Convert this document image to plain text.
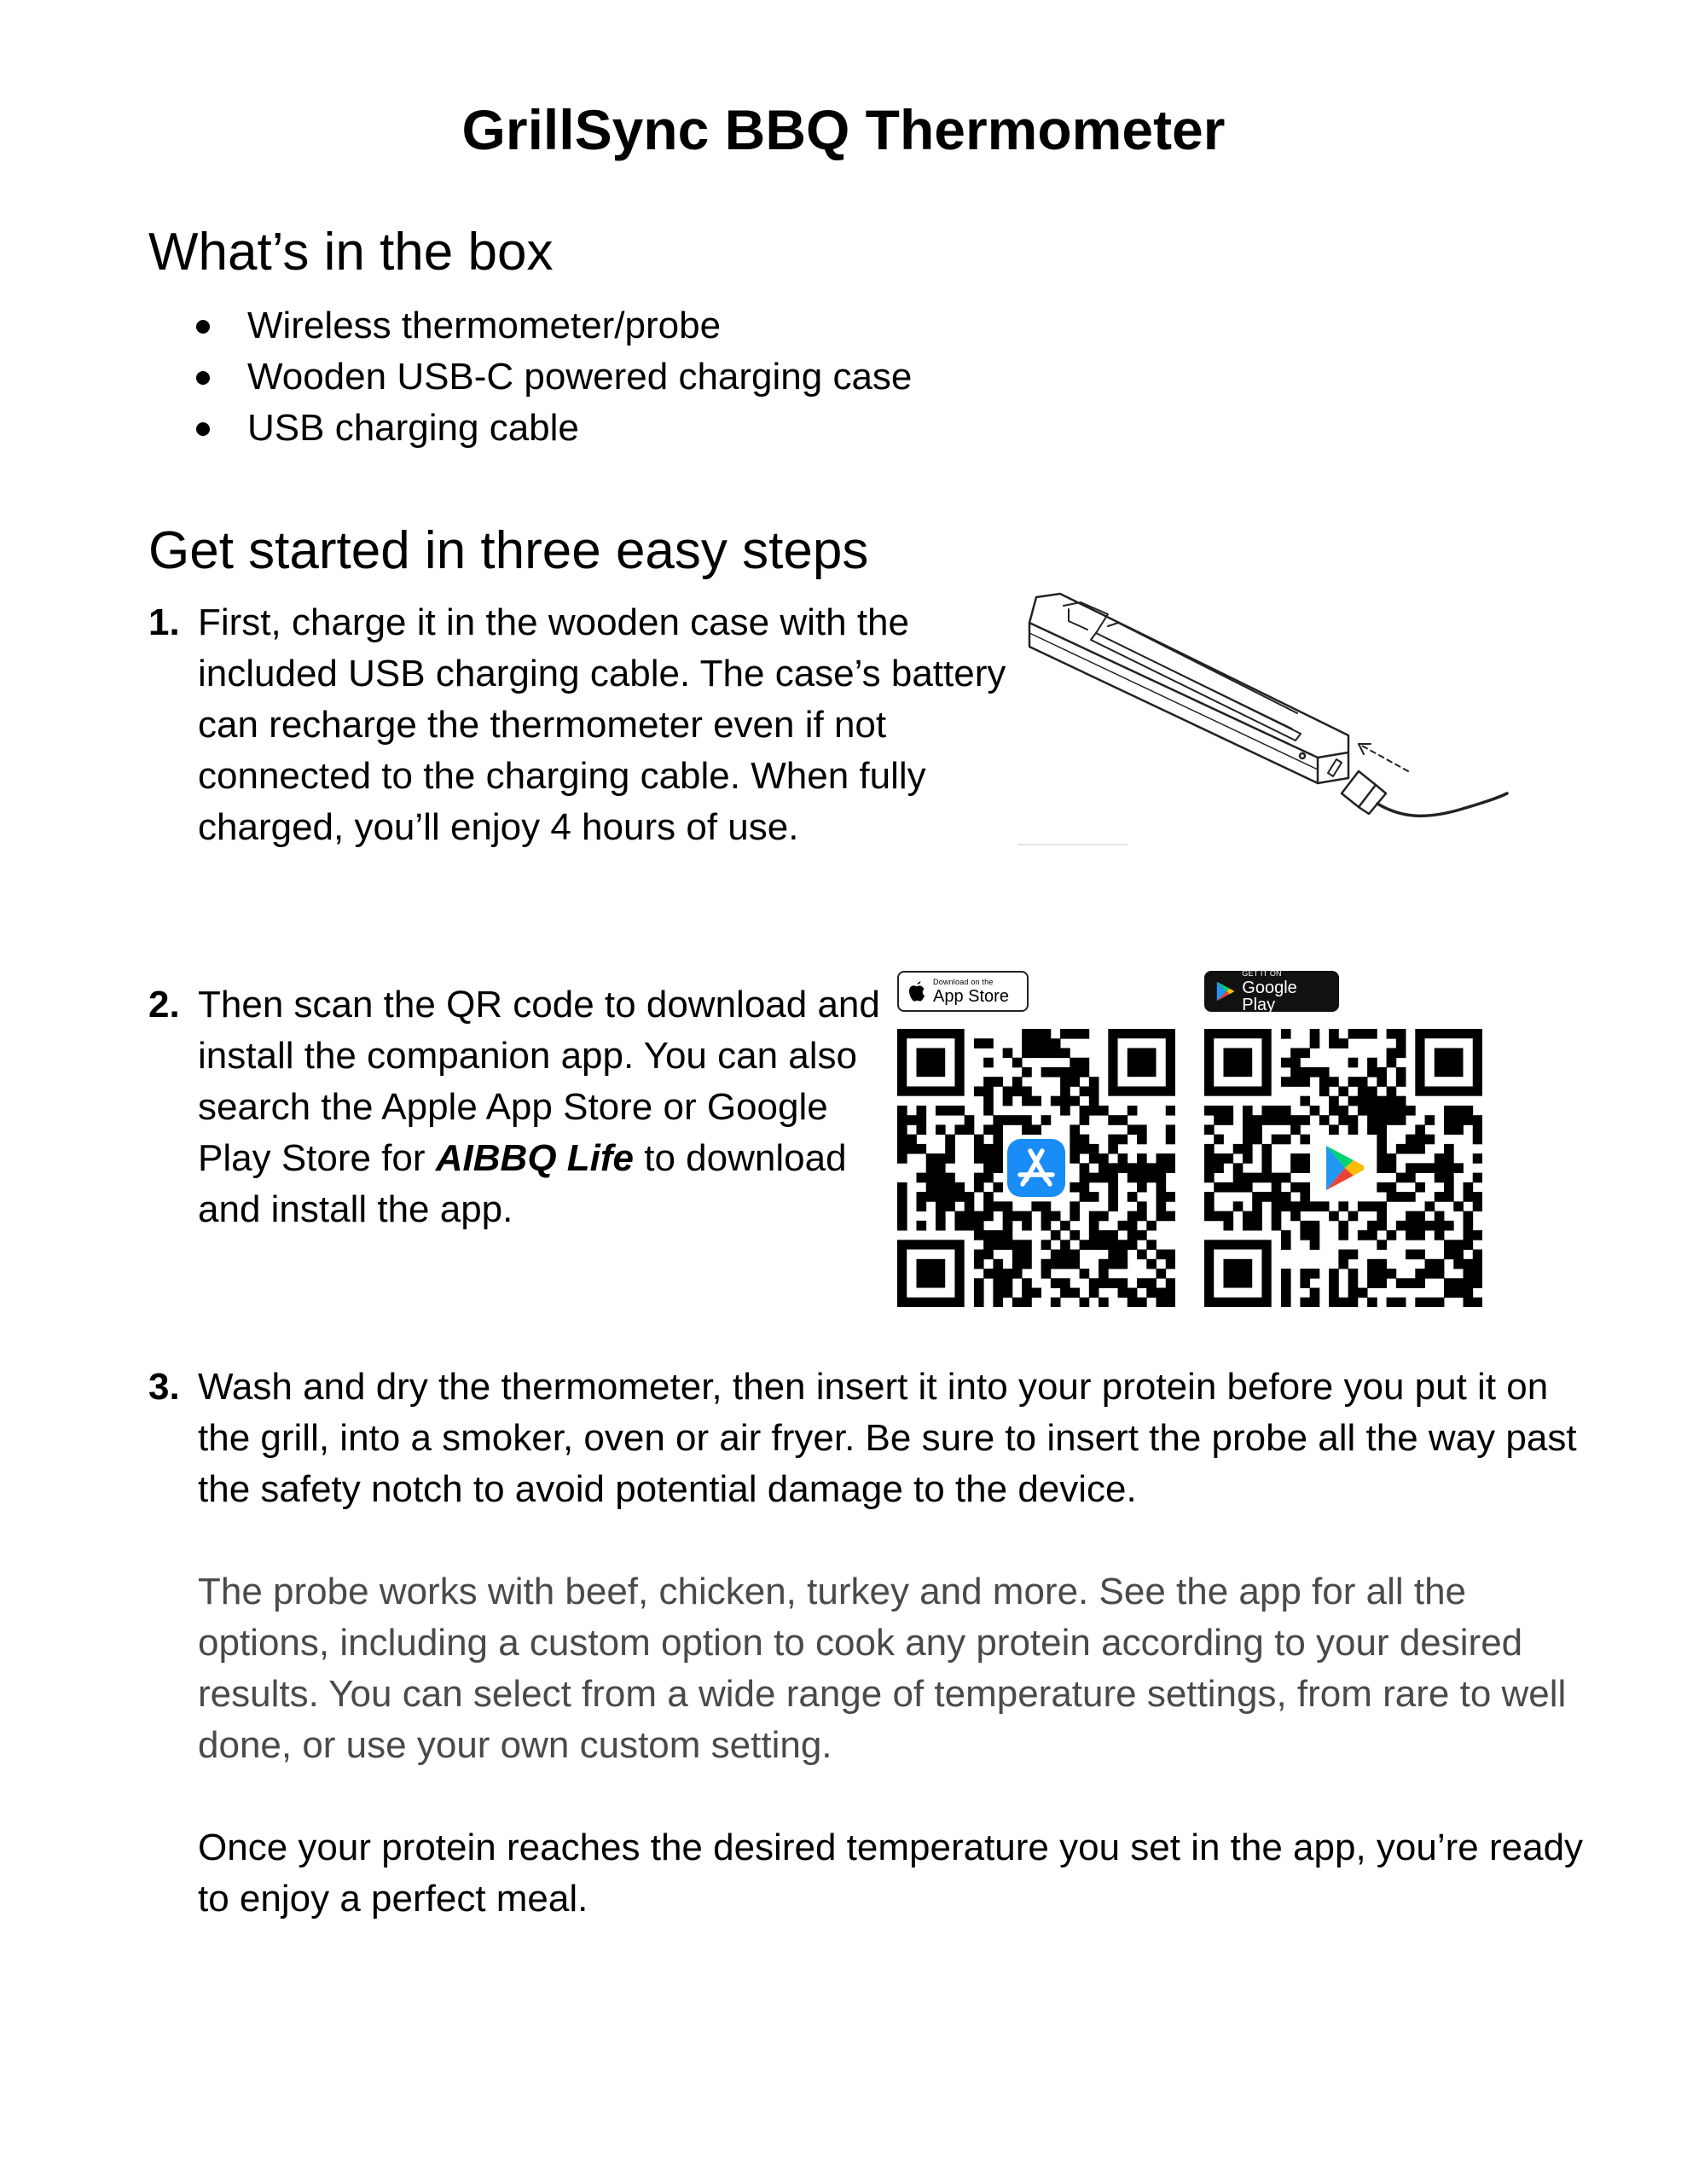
GrillSync BBQ Thermometer
What’s in the box
Wireless thermometer/probe
Wooden USB-C powered charging case
USB charging cable
Get started in three easy steps
1. First, charge it in the wooden case with the included USB charging cable. The case’s battery can recharge the thermometer even if not connected to the charging cable. When fully charged, you’ll enjoy 4 hours of use.
2. Then scan the QR code to download and install the companion app. You can also search the Apple App Store or Google Play Store for AIBBQ Life to download and install the app.
Download on the
App Store
GET IT ON
Google Play
3. Wash and dry the thermometer, then insert it into your protein before you put it on the grill, into a smoker, oven or air fryer. Be sure to insert the probe all the way past the safety notch to avoid potential damage to the device.

The probe works with beef, chicken, turkey and more. See the app for all the options, including a custom option to cook any protein according to your desired results. You can select from a wide range of temperature settings, from rare to well done, or use your own custom setting.

Once your protein reaches the desired temperature you set in the app, you’re ready to enjoy a perfect meal.
